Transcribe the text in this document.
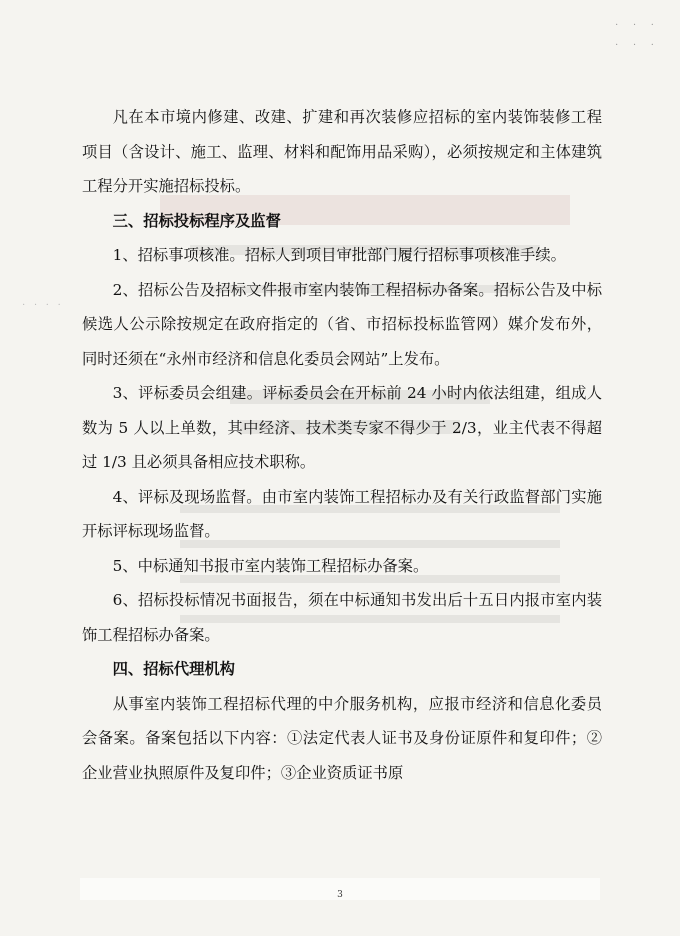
· · ·
· · ·
· · · ·

凡在本市境内修建、改建、扩建和再次装修应招标的室内装饰装修工程项目（含设计、施工、监理、材料和配饰用品采购），必须按规定和主体建筑工程分开实施招标投标。

三、招标投标程序及监督

1、招标事项核准。招标人到项目审批部门履行招标事项核准手续。

2、招标公告及招标文件报市室内装饰工程招标办备案。招标公告及中标候选人公示除按规定在政府指定的（省、市招标投标监管网）媒介发布外，同时还须在“永州市经济和信息化委员会网站”上发布。

3、评标委员会组建。评标委员会在开标前 24 小时内依法组建，组成人数为 5 人以上单数，其中经济、技术类专家不得少于 2/3，业主代表不得超过 1/3 且必须具备相应技术职称。

4、评标及现场监督。由市室内装饰工程招标办及有关行政监督部门实施开标评标现场监督。

5、中标通知书报市室内装饰工程招标办备案。

6、招标投标情况书面报告，须在中标通知书发出后十五日内报市室内装饰工程招标办备案。

四、招标代理机构

从事室内装饰工程招标代理的中介服务机构，应报市经济和信息化委员会备案。备案包括以下内容：①法定代表人证书及身份证原件和复印件；②企业营业执照原件及复印件；③企业资质证书原

3
